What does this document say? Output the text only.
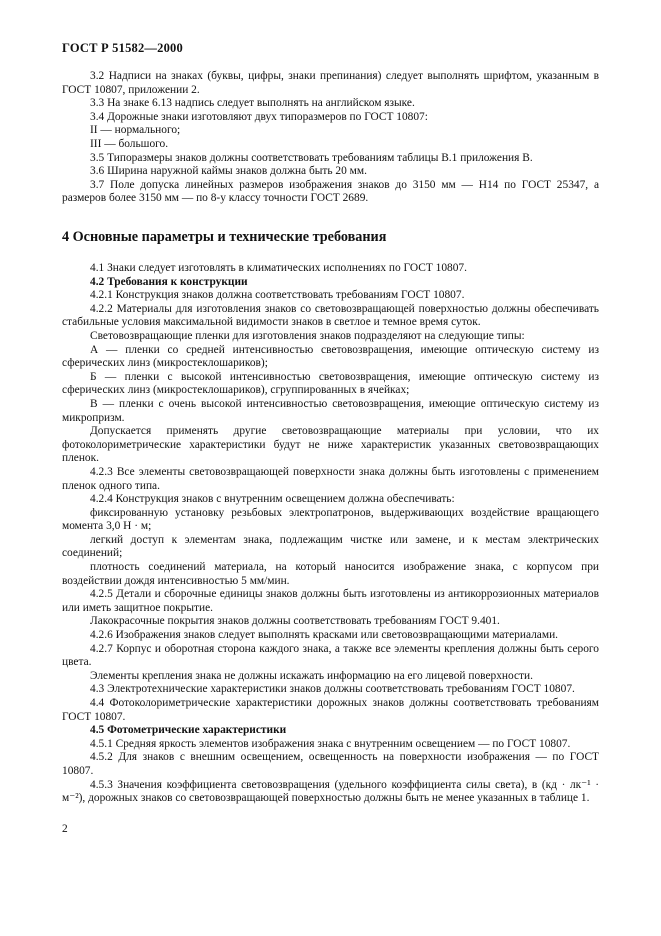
ГОСТ Р 51582—2000

3.2 Надписи на знаках (буквы, цифры, знаки препинания) следует выполнять шрифтом, указанным в ГОСТ 10807, приложении 2.

3.3 На знаке 6.13 надпись следует выполнять на английском языке.

3.4 Дорожные знаки изготовляют двух типоразмеров по ГОСТ 10807:

II — нормального;

III — большого.

3.5 Типоразмеры знаков должны соответствовать требованиям таблицы В.1 приложения В.

3.6 Ширина наружной каймы знаков должна быть 20 мм.

3.7 Поле допуска линейных размеров изображения знаков до 3150 мм — H14 по ГОСТ 25347, а размеров более 3150 мм — по 8-у классу точности ГОСТ 2689.

4 Основные параметры и технические требования

4.1 Знаки следует изготовлять в климатических исполнениях по ГОСТ 10807.

4.2 Требования к конструкции

4.2.1 Конструкция знаков должна соответствовать требованиям ГОСТ 10807.

4.2.2 Материалы для изготовления знаков со световозвращающей поверхностью должны обеспечивать стабильные условия максимальной видимости знаков в светлое и темное время суток.

Световозвращающие пленки для изготовления знаков подразделяют на следующие типы:

А — пленки со средней интенсивностью световозвращения, имеющие оптическую систему из сферических линз (микростеклошариков);

Б — пленки с высокой интенсивностью световозвращения, имеющие оптическую систему из сферических линз (микростеклошариков), сгруппированных в ячейках;

В — пленки с очень высокой интенсивностью световозвращения, имеющие оптическую систему из микропризм.

Допускается применять другие световозвращающие материалы при условии, что их фотоколориметрические характеристики будут не ниже характеристик указанных световозвращающих пленок.

4.2.3 Все элементы световозвращающей поверхности знака должны быть изготовлены с применением пленок одного типа.

4.2.4 Конструкция знаков с внутренним освещением должна обеспечивать:

фиксированную установку резьбовых электропатронов, выдерживающих воздействие вращающего момента 3,0 Н · м;

легкий доступ к элементам знака, подлежащим чистке или замене, и к местам электрических соединений;

плотность соединений материала, на который наносится изображение знака, с корпусом при воздействии дождя интенсивностью 5 мм/мин.

4.2.5 Детали и сборочные единицы знаков должны быть изготовлены из антикоррозионных материалов или иметь защитное покрытие.

Лакокрасочные покрытия знаков должны соответствовать требованиям ГОСТ 9.401.

4.2.6 Изображения знаков следует выполнять красками или световозвращающими материалами.

4.2.7 Корпус и оборотная сторона каждого знака, а также все элементы крепления должны быть серого цвета.

Элементы крепления знака не должны искажать информацию на его лицевой поверхности.

4.3 Электротехнические характеристики знаков должны соответствовать требованиям ГОСТ 10807.

4.4 Фотоколориметрические характеристики дорожных знаков должны соответствовать требованиям ГОСТ 10807.

4.5 Фотометрические характеристики

4.5.1 Средняя яркость элементов изображения знака с внутренним освещением — по ГОСТ 10807.

4.5.2 Для знаков с внешним освещением, освещенность на поверхности изображения — по ГОСТ 10807.

4.5.3 Значения коэффициента световозвращения (удельного коэффициента силы света), в (кд · лк⁻¹ · м⁻²), дорожных знаков со световозвращающей поверхностью должны быть не менее указанных в таблице 1.

2
